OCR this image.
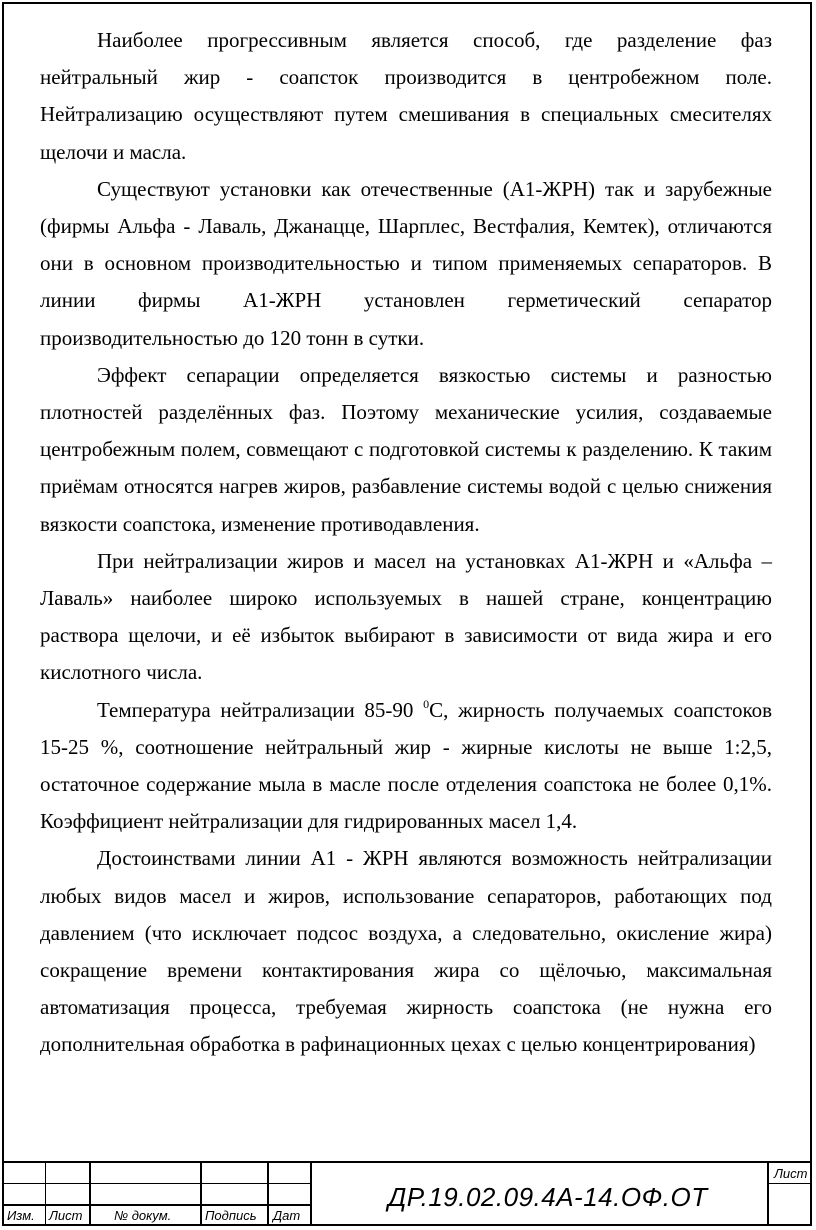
Наиболее прогрессивным является способ, где разделение фаз нейтральный жир - соапсток производится в центробежном поле. Нейтрализацию осуществляют путем смешивания в специальных смесителях щелочи и масла.

Существуют установки как отечественные (А1-ЖРН) так и зарубежные (фирмы Альфа - Лаваль, Джанацце, Шарплес, Вестфалия, Кемтек), отличаются они в основном производительностью и типом применяемых сепараторов. В линии фирмы А1-ЖРН установлен герметический сепаратор производительностью до 120 тонн в сутки.

Эффект сепарации определяется вязкостью системы и разностью плотностей разделённых фаз. Поэтому механические усилия, создаваемые центробежным полем, совмещают с подготовкой системы к разделению. К таким приёмам относятся нагрев жиров, разбавление системы водой с целью снижения вязкости соапстока, изменение противодавления.

При нейтрализации жиров и масел на установках А1-ЖРН и «Альфа – Лаваль» наиболее широко используемых в нашей стране, концентрацию раствора щелочи, и её избыток выбирают в зависимости от вида жира и его кислотного числа.

Температура нейтрализации 85-90 $^0$С, жирность получаемых соапстоков 15-25 %, соотношение нейтральный жир - жирные кислоты не выше 1:2,5, остаточное содержание мыла в масле после отделения соапстока не более 0,1%. Коэффициент нейтрализации для гидрированных масел 1,4.

Достоинствами линии А1 - ЖРН являются возможность нейтрализации любых видов масел и жиров, использование сепараторов, работающих под давлением (что исключает подсос воздуха, а следовательно, окисление жира) сокращение времени контактирования жира со щёлочью, максимальная автоматизация процесса, требуемая жирность соапстока (не нужна его дополнительная обработка в рафинационных цехах с целью концентрирования)

Изм. Лист № докум.	Подпись Дат
Лист
ДР.19.02.09.4А-14.ОФ.ОТ
